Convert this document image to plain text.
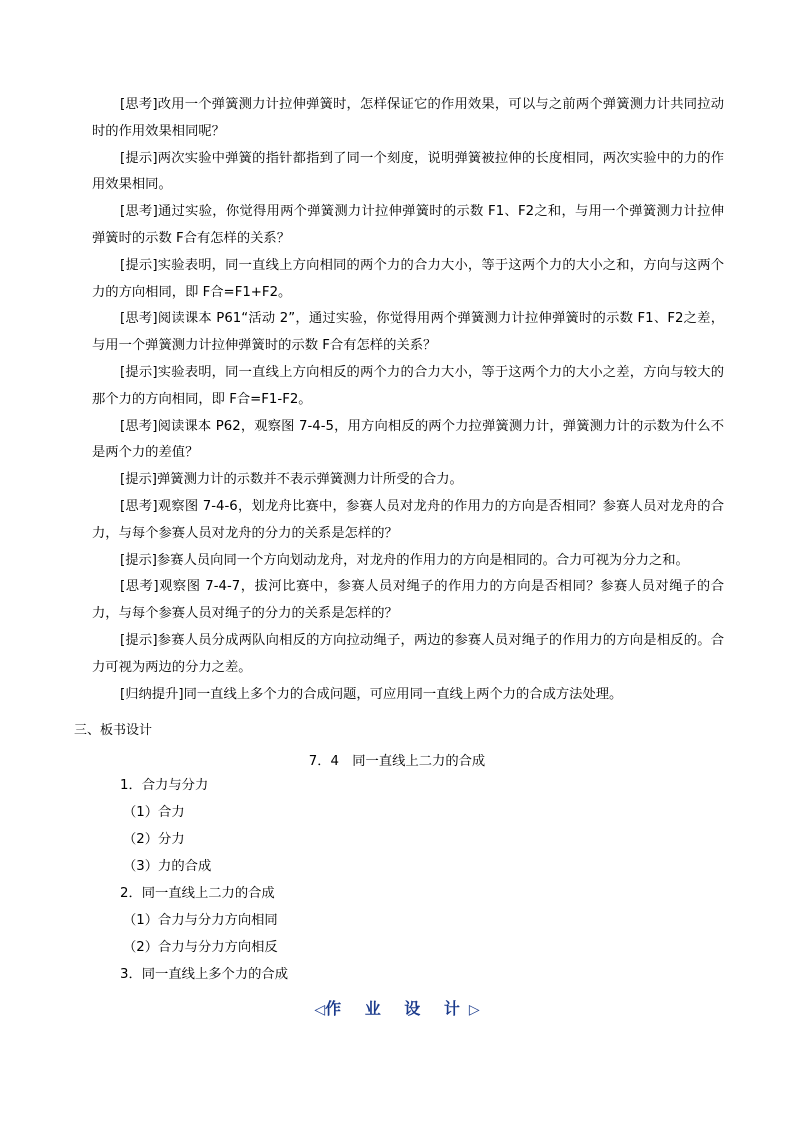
[思考]改用一个弹簧测力计拉伸弹簧时，怎样保证它的作用效果，可以与之前两个弹簧测力计共同拉动时的作用效果相同呢？

[提示]两次实验中弹簧的指针都指到了同一个刻度，说明弹簧被拉伸的长度相同，两次实验中的力的作用效果相同。

[思考]通过实验，你觉得用两个弹簧测力计拉伸弹簧时的示数 F1、F2之和，与用一个弹簧测力计拉伸弹簧时的示数 F合有怎样的关系？

[提示]实验表明，同一直线上方向相同的两个力的合力大小，等于这两个力的大小之和，方向与这两个力的方向相同，即 F合=F1+F2。

[思考]阅读课本 P61“活动 2”，通过实验，你觉得用两个弹簧测力计拉伸弹簧时的示数 F1、F2之差，与用一个弹簧测力计拉伸弹簧时的示数 F合有怎样的关系？

[提示]实验表明，同一直线上方向相反的两个力的合力大小，等于这两个力的大小之差，方向与较大的那个力的方向相同，即 F合=F1-F2。

[思考]阅读课本 P62，观察图 7-4-5，用方向相反的两个力拉弹簧测力计，弹簧测力计的示数为什么不是两个力的差值？

[提示]弹簧测力计的示数并不表示弹簧测力计所受的合力。

[思考]观察图 7-4-6，划龙舟比赛中，参赛人员对龙舟的作用力的方向是否相同？参赛人员对龙舟的合力，与每个参赛人员对龙舟的分力的关系是怎样的？

[提示]参赛人员向同一个方向划动龙舟，对龙舟的作用力的方向是相同的。合力可视为分力之和。

[思考]观察图 7-4-7，拔河比赛中，参赛人员对绳子的作用力的方向是否相同？参赛人员对绳子的合力，与每个参赛人员对绳子的分力的关系是怎样的？

[提示]参赛人员分成两队向相反的方向拉动绳子，两边的参赛人员对绳子的作用力的方向是相反的。合力可视为两边的分力之差。

[归纳提升]同一直线上多个力的合成问题，可应用同一直线上两个力的合成方法处理。

三、板书设计
7．4　同一直线上二力的合成
1．合力与分力
（1）合力
（2）分力
（3）力的合成
2．同一直线上二力的合成
（1）合力与分力方向相同
（2）合力与分力方向相反
3．同一直线上多个力的合成
◁作 业 设 计▷
